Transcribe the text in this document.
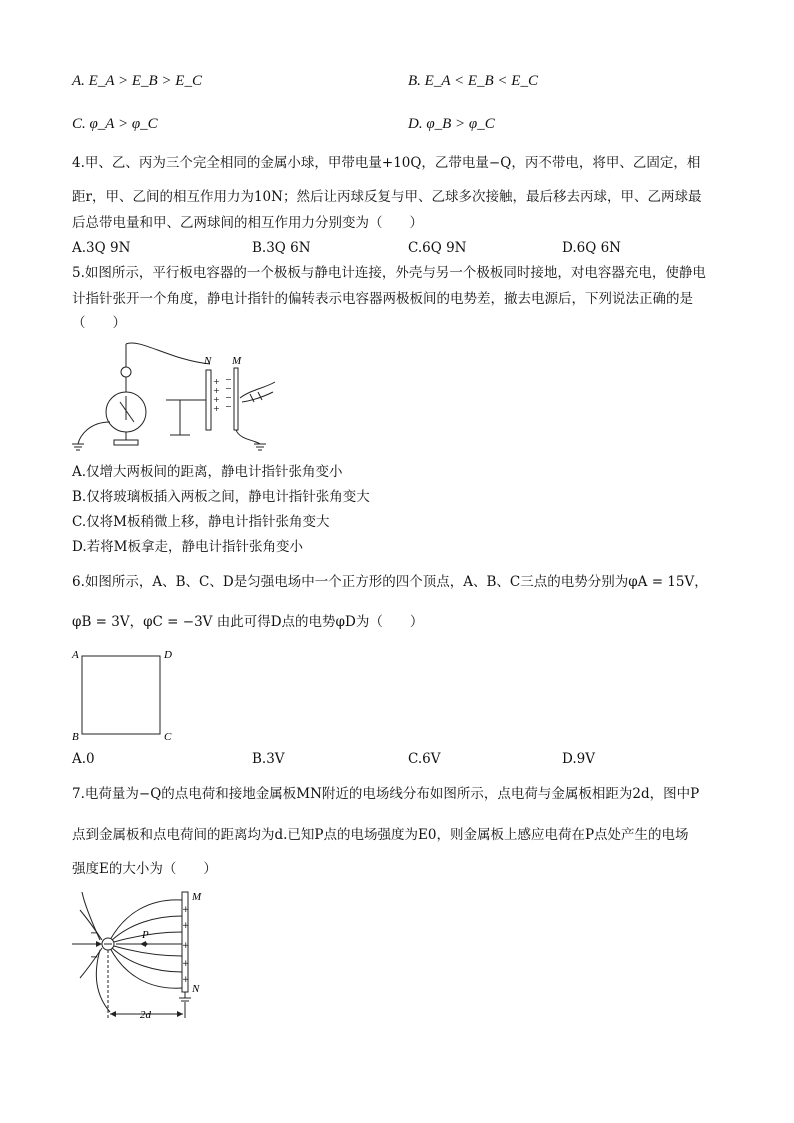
A. E_A > E_B > E_C	B. E_A < E_B < E_C
C. φ_A > φ_C	D. φ_B > φ_C
4.甲、乙、丙为三个完全相同的金属小球，甲带电量+10Q，乙带电量−Q，丙不带电，将甲、乙固定，相
距r，甲、乙间的相互作用力为10N；然后让丙球反复与甲、乙球多次接触，最后移去丙球，甲、乙两球最
后总带电量和甲、乙两球间的相互作用力分别变为（　　）
A.3Q 9N	B.3Q 6N	C.6Q 9N	D.6Q 6N
5.如图所示，平行板电容器的一个极板与静电计连接，外壳与另一个极板同时接地，对电容器充电，使静电
计指针张开一个角度，静电计指针的偏转表示电容器两极板间的电势差，撤去电源后，下列说法正确的是
（　　）
+
+
+
+
−
−
−
−
N M
A.仅增大两板间的距离，静电计指针张角变小
B.仅将玻璃板插入两板之间，静电计指针张角变大
C.仅将M板稍微上移，静电计指针张角变大
D.若将M板拿走，静电计指针张角变小
6.如图所示，A、B、C、D是匀强电场中一个正方形的四个顶点，A、B、C三点的电势分别为φA = 15V，
φB = 3V，φC = −3V 由此可得D点的电势φD为（　　）
A	D
B	C
A.0	B.3V	C.6V	D.9V
7.电荷量为−Q的点电荷和接地金属板MN附近的电场线分布如图所示，点电荷与金属板相距为2d，图中P
点到金属板和点电荷间的距离均为d.已知P点的电场强度为E0，则金属板上感应电荷在P点处产生的电场
强度E的大小为（　　）
+
+
+
+
+
−
−
M
N
P
2d
